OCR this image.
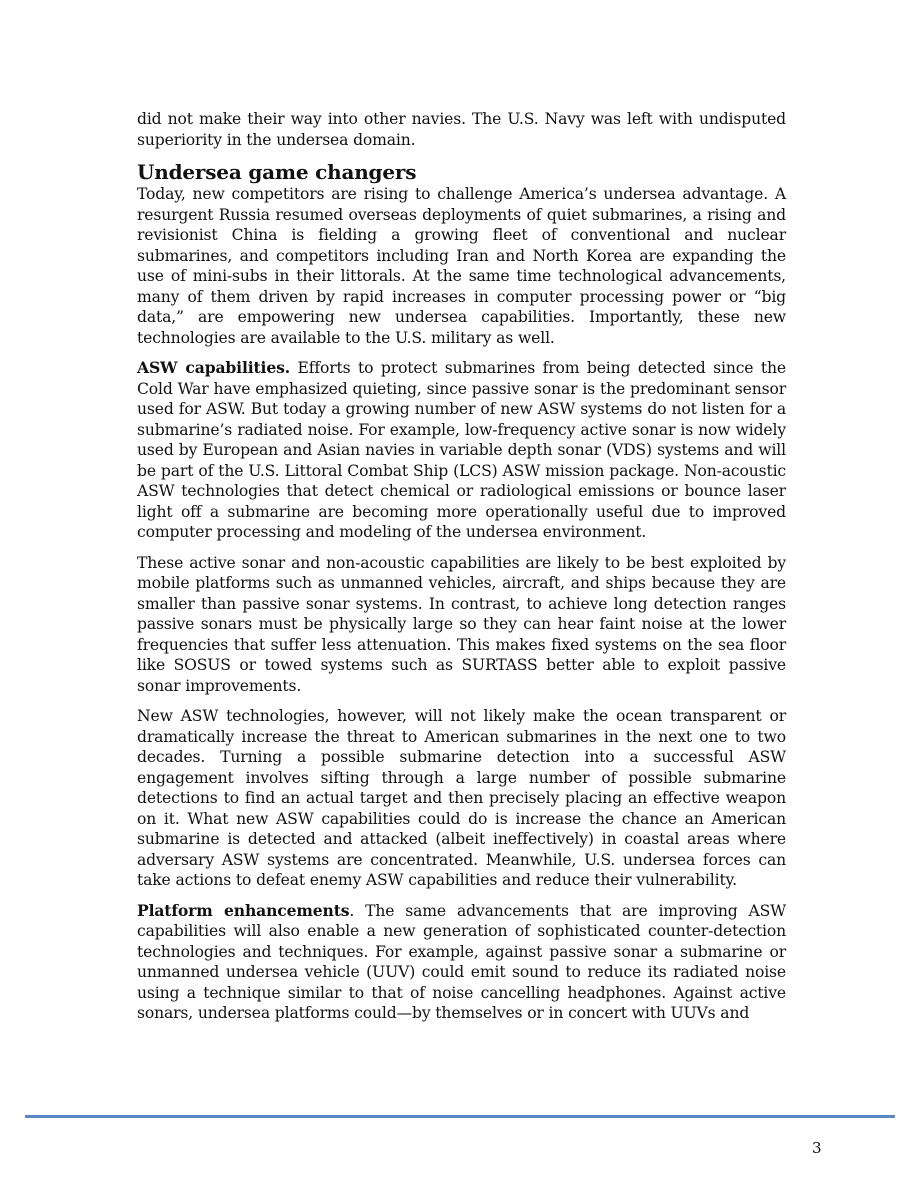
did not make their way into other navies. The U.S. Navy was left with undisputed superiority in the undersea domain.

Undersea game changers

Today, new competitors are rising to challenge America’s undersea advantage. A resurgent Russia resumed overseas deployments of quiet submarines, a rising and revisionist China is fielding a growing fleet of conventional and nuclear submarines, and competitors including Iran and North Korea are expanding the use of mini-subs in their littorals. At the same time technological advancements, many of them driven by rapid increases in computer processing power or “big data,” are empowering new undersea capabilities. Importantly, these new technologies are available to the U.S. military as well.

ASW capabilities. Efforts to protect submarines from being detected since the Cold War have emphasized quieting, since passive sonar is the predominant sensor used for ASW. But today a growing number of new ASW systems do not listen for a submarine’s radiated noise. For example, low-frequency active sonar is now widely used by European and Asian navies in variable depth sonar (VDS) systems and will be part of the U.S. Littoral Combat Ship (LCS) ASW mission package. Non-acoustic ASW technologies that detect chemical or radiological emissions or bounce laser light off a submarine are becoming more operationally useful due to improved computer processing and modeling of the undersea environment.

These active sonar and non-acoustic capabilities are likely to be best exploited by mobile platforms such as unmanned vehicles, aircraft, and ships because they are smaller than passive sonar systems. In contrast, to achieve long detection ranges passive sonars must be physically large so they can hear faint noise at the lower frequencies that suffer less attenuation. This makes fixed systems on the sea floor like SOSUS or towed systems such as SURTASS better able to exploit passive sonar improvements.

New ASW technologies, however, will not likely make the ocean transparent or dramatically increase the threat to American submarines in the next one to two decades. Turning a possible submarine detection into a successful ASW engagement involves sifting through a large number of possible submarine detections to find an actual target and then precisely placing an effective weapon on it. What new ASW capabilities could do is increase the chance an American submarine is detected and attacked (albeit ineffectively) in coastal areas where adversary ASW systems are concentrated. Meanwhile, U.S. undersea forces can take actions to defeat enemy ASW capabilities and reduce their vulnerability.

Platform enhancements. The same advancements that are improving ASW capabilities will also enable a new generation of sophisticated counter-detection technologies and techniques. For example, against passive sonar a submarine or unmanned undersea vehicle (UUV) could emit sound to reduce its radiated noise using a technique similar to that of noise cancelling headphones. Against active sonars, undersea platforms could—by themselves or in concert with UUVs and

3
